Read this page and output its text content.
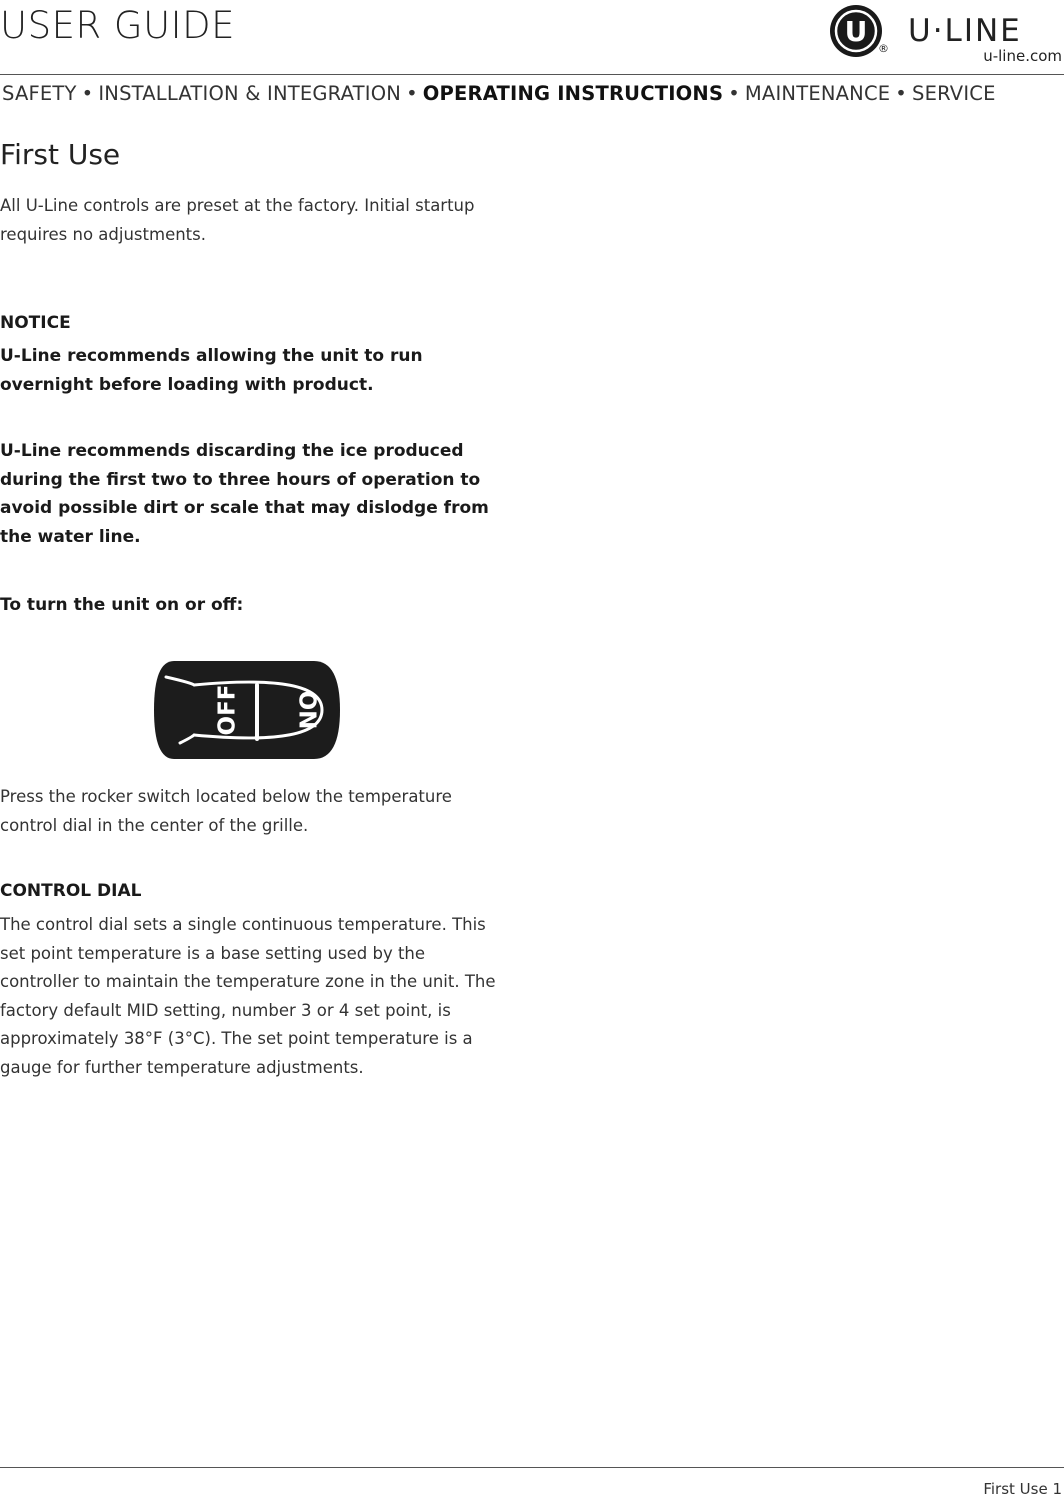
USER GUIDE	U
® U·LINE
u-line.com
SAFETY • INSTALLATION & INTEGRATION • OPERATING INSTRUCTIONS • MAINTENANCE • SERVICE
First Use
All U-Line controls are preset at the factory. Initial startup requires no adjustments.
NOTICE
U-Line recommends allowing the unit to run overnight before loading with product.
U-Line recommends discarding the ice produced during the first two to three hours of operation to avoid possible dirt or scale that may dislodge from the water line.
To turn the unit on or off:
OFF ON
Press the rocker switch located below the temperature control dial in the center of the grille.
CONTROL DIAL
The control dial sets a single continuous temperature. This set point temperature is a base setting used by the controller to maintain the temperature zone in the unit. The factory default MID setting, number 3 or 4 set point, is approximately 38°F (3°C). The set point temperature is a gauge for further temperature adjustments.
First Use 1
